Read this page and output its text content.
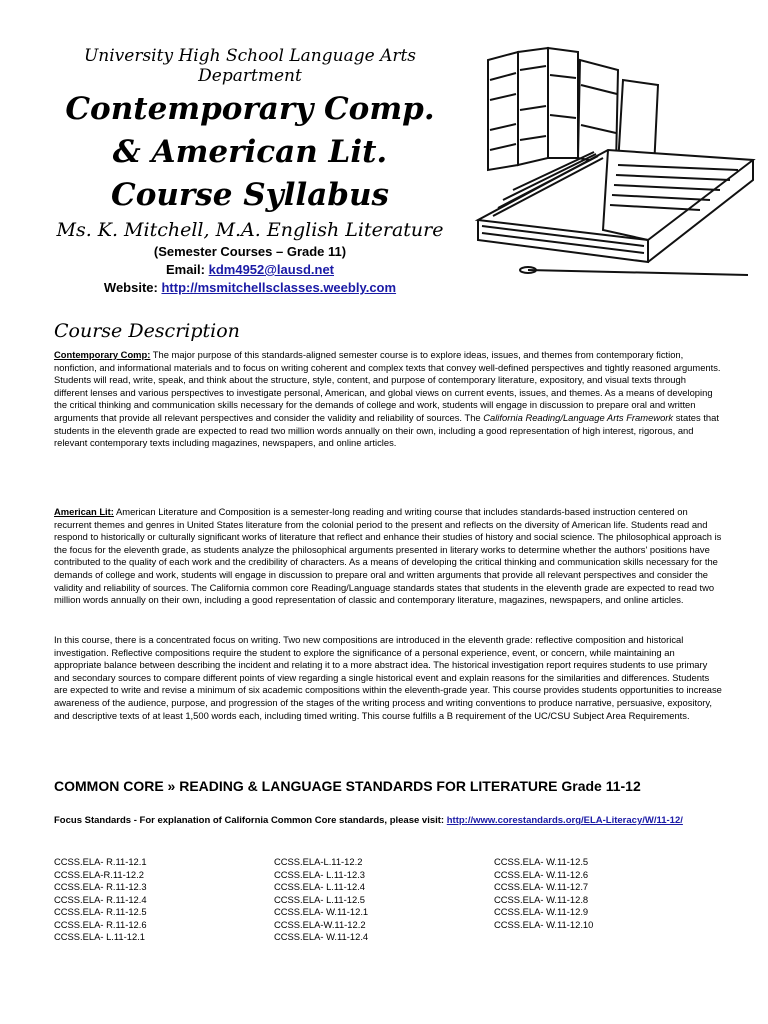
University High School Language Arts Department

Contemporary Comp.

& American Lit.

Course Syllabus

Ms. K. Mitchell, M.A. English Literature

(Semester Courses – Grade 11)

Email: kdm4952@lausd.net

Website: http://msmitchellsclasses.weebly.com

Course Description

Contemporary Comp: The major purpose of this standards-aligned semester course is to explore ideas, issues, and themes from contemporary fiction, nonfiction, and informational materials and to focus on writing coherent and complex texts that convey well-defined perspectives and tightly reasoned arguments. Students will read, write, speak, and think about the structure, style, content, and purpose of contemporary literature, expository, and visual texts through different lenses and various perspectives to investigate personal, American, and global views on current events, issues, and themes. As a means of developing the critical thinking and communication skills necessary for the demands of college and work, students will engage in discussion to prepare oral and written arguments that provide all relevant perspectives and consider the validity and reliability of sources. The California Reading/Language Arts Framework states that students in the eleventh grade are expected to read two million words annually on their own, including a good representation of high interest, rigorous, and relevant contemporary texts including magazines, newspapers, and online articles.

American Lit: American Literature and Composition is a semester-long reading and writing course that includes standards-based instruction centered on recurrent themes and genres in United States literature from the colonial period to the present and reflects on the diversity of American life. Students read and respond to historically or culturally significant works of literature that reflect and enhance their studies of history and social science. The philosophical approach is the focus for the eleventh grade, as students analyze the philosophical arguments presented in literary works to determine whether the authors' positions have contributed to the quality of each work and the credibility of characters. As a means of developing the critical thinking and communication skills necessary for the demands of college and work, students will engage in discussion to prepare oral and written arguments that provide all relevant perspectives and consider the validity and reliability of sources. The California common core Reading/Language standards states that students in the eleventh grade are expected to read two million words annually on their own, including a good representation of classic and contemporary literature, magazines, newspapers, and online articles.

In this course, there is a concentrated focus on writing. Two new compositions are introduced in the eleventh grade: reflective composition and historical investigation. Reflective compositions require the student to explore the significance of a personal experience, event, or concern, while maintaining an appropriate balance between describing the incident and relating it to a more abstract idea. The historical investigation report requires students to use primary and secondary sources to compare different points of view regarding a single historical event and explain reasons for the similarities and differences. Students are expected to write and revise a minimum of six academic compositions within the eleventh-grade year. This course provides students opportunities to increase awareness of the audience, purpose, and progression of the stages of the writing process and writing conventions to produce narrative, persuasive, expository, and descriptive texts of at least 1,500 words each, including timed writing. This course fulfills a B requirement of the UC/CSU Subject Area Requirements.

COMMON CORE » READING & LANGUAGE STANDARDS FOR LITERATURE Grade 11-12

Focus Standards - For explanation of California Common Core standards, please visit: http://www.corestandards.org/ELA-Literacy/W/11-12/

CCSS.ELA- R.11-12.1
CCSS.ELA-R.11-12.2
CCSS.ELA- R.11-12.3
CCSS.ELA- R.11-12.4
CCSS.ELA- R.11-12.5
CCSS.ELA- R.11-12.6
CCSS.ELA- L.11-12.1
CCSS.ELA-L.11-12.2
CCSS.ELA- L.11-12.3
CCSS.ELA- L.11-12.4
CCSS.ELA- L.11-12.5
CCSS.ELA- W.11-12.1
CCSS.ELA-W.11-12.2
CCSS.ELA- W.11-12.4
CCSS.ELA- W.11-12.5
CCSS.ELA- W.11-12.6
CCSS.ELA- W.11-12.7
CCSS.ELA- W.11-12.8
CCSS.ELA- W.11-12.9
CCSS.ELA- W.11-12.10
